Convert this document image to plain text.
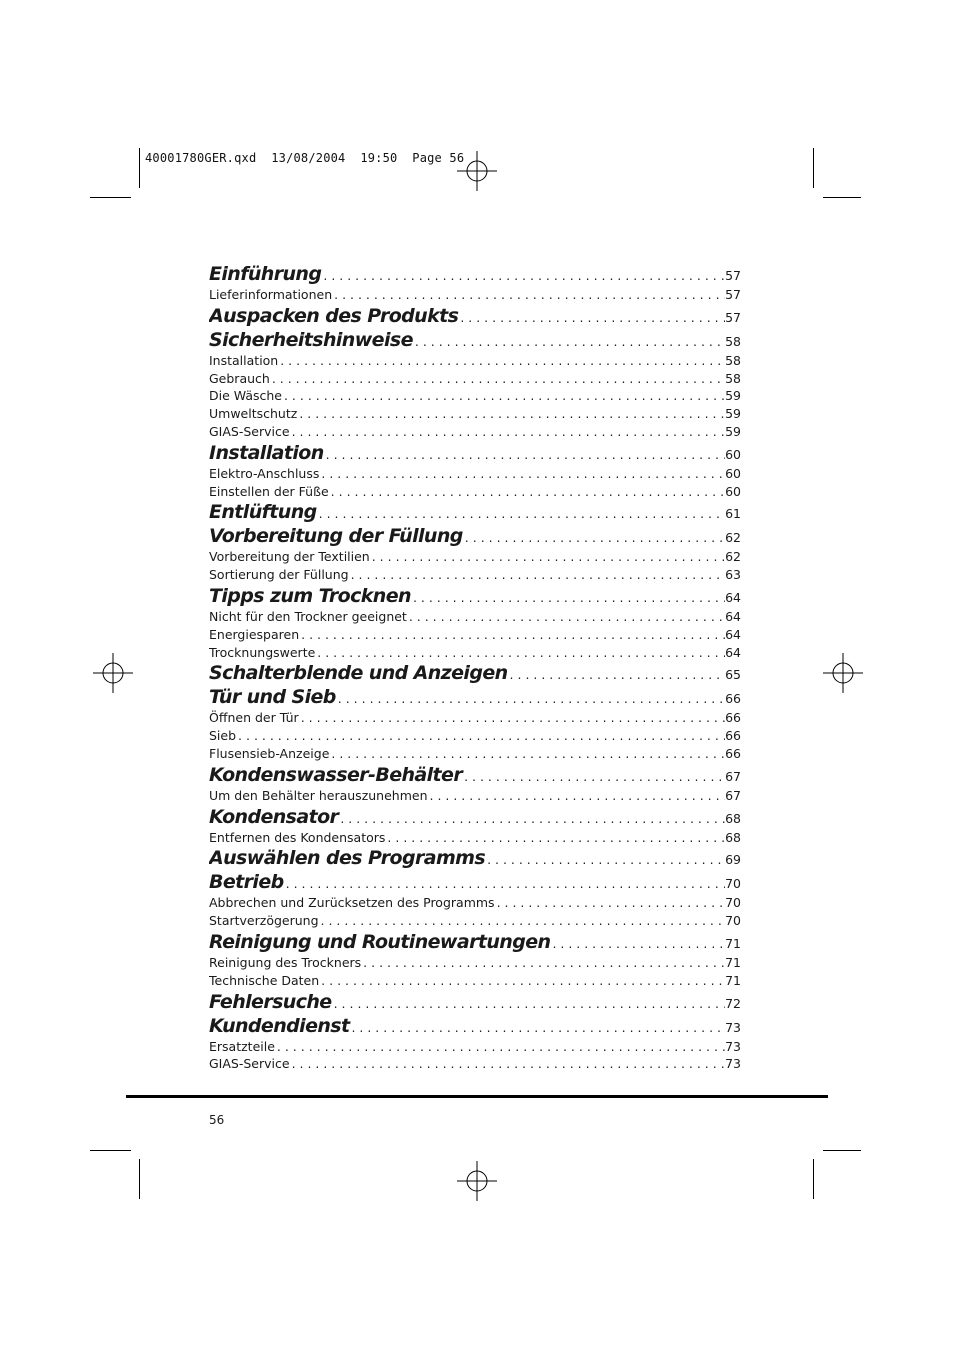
40001780GER.qxd  13/08/2004  19:50  Page 56
Einführung . . .	57
Lieferinformationen . . .	57
Auspacken des Produkts . . .	57
Sicherheitshinweise . . .	58
Installation . . .	58
Gebrauch . . .	58
Die Wäsche . . .	59
Umweltschutz . . .	59
GIAS-Service . . .	59
Installation . . .	60
Elektro-Anschluss . . .	60
Einstellen der Füße . . .	60
Entlüftung . . .	61
Vorbereitung der Füllung . . .	62
Vorbereitung der Textilien . . .	62
Sortierung der Füllung . . .	63
Tipps zum Trocknen . . .	64
Nicht für den Trockner geeignet . . .	64
Energiesparen . . .	64
Trocknungswerte . . .	64
Schalterblende und Anzeigen . . .	65
Tür und Sieb . . .	66
Öffnen der Tür . . .	66
Sieb . . .	66
Flusensieb-Anzeige . . .	66
Kondenswasser-Behälter . . .	67
Um den Behälter herauszunehmen . . .	67
Kondensator . . .	68
Entfernen des Kondensators . . .	68
Auswählen des Programms . . .	69
Betrieb . . .	70
Abbrechen und Zurücksetzen des Programms . . .	70
Startverzögerung . . .	70
Reinigung und Routinewartungen . . .	71
Reinigung des Trockners . . .	71
Technische Daten . . .	71
Fehlersuche . . .	72
Kundendienst . . .	73
Ersatzteile . . .	73
GIAS-Service . . .	73
56
